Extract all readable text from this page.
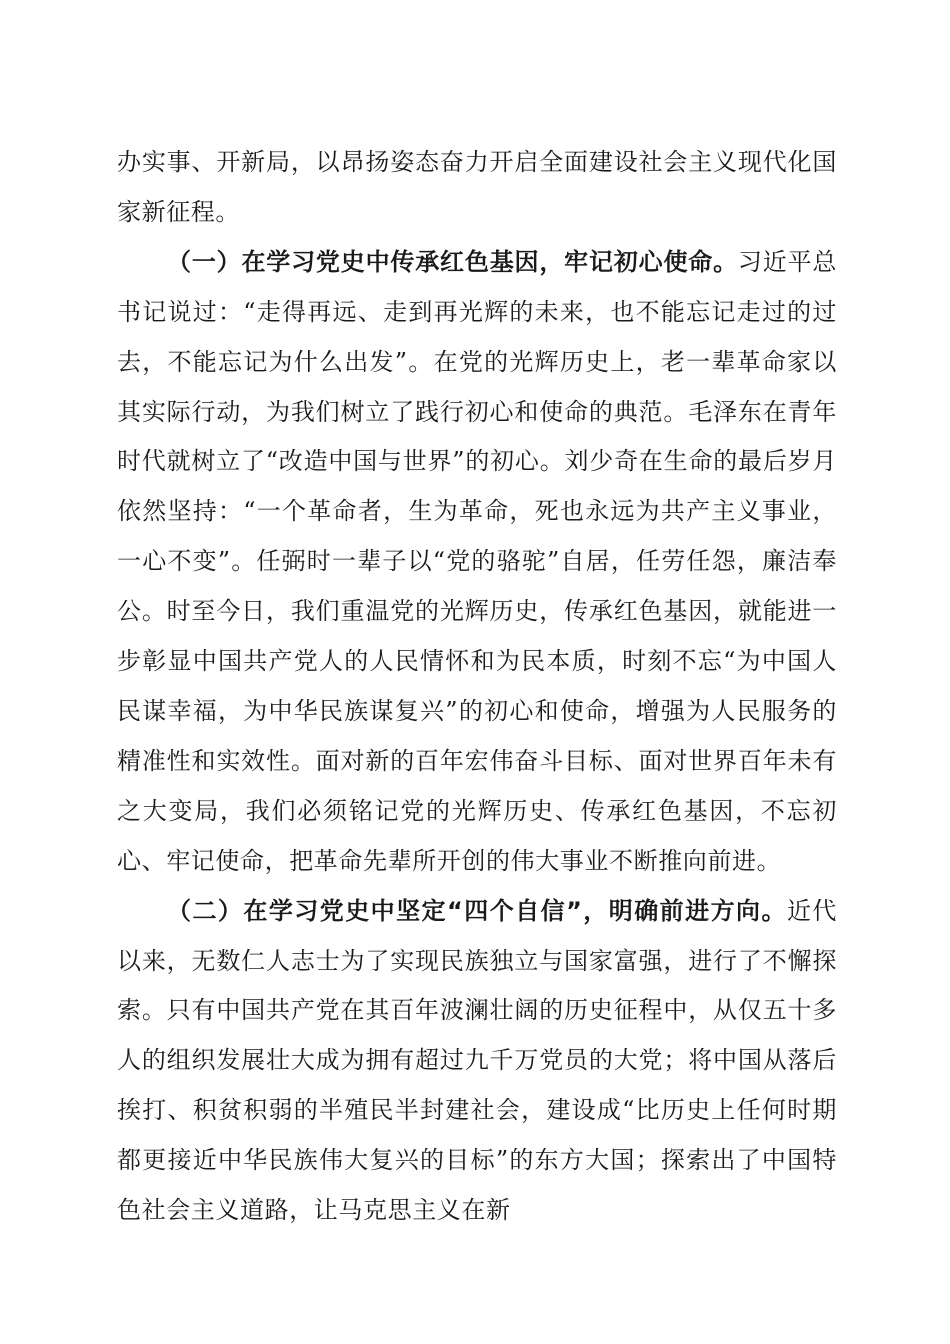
办实事、开新局，以昂扬姿态奋力开启全面建设社会主义现代化国家新征程。

（一）在学习党史中传承红色基因，牢记初心使命。习近平总书记说过：“走得再远、走到再光辉的未来，也不能忘记走过的过去，不能忘记为什么出发”。在党的光辉历史上，老一辈革命家以其实际行动，为我们树立了践行初心和使命的典范。毛泽东在青年时代就树立了“改造中国与世界”的初心。刘少奇在生命的最后岁月依然坚持：“一个革命者，生为革命，死也永远为共产主义事业，一心不变”。任弼时一辈子以“党的骆驼”自居，任劳任怨，廉洁奉公。时至今日，我们重温党的光辉历史，传承红色基因，就能进一步彰显中国共产党人的人民情怀和为民本质，时刻不忘“为中国人民谋幸福，为中华民族谋复兴”的初心和使命，增强为人民服务的精准性和实效性。面对新的百年宏伟奋斗目标、面对世界百年未有之大变局，我们必须铭记党的光辉历史、传承红色基因，不忘初心、牢记使命，把革命先辈所开创的伟大事业不断推向前进。

（二）在学习党史中坚定“四个自信”，明确前进方向。近代以来，无数仁人志士为了实现民族独立与国家富强，进行了不懈探索。只有中国共产党在其百年波澜壮阔的历史征程中，从仅五十多人的组织发展壮大成为拥有超过九千万党员的大党；将中国从落后挨打、积贫积弱的半殖民半封建社会，建设成“比历史上任何时期都更接近中华民族伟大复兴的目标”的东方大国；探索出了中国特色社会主义道路，让马克思主义在新
